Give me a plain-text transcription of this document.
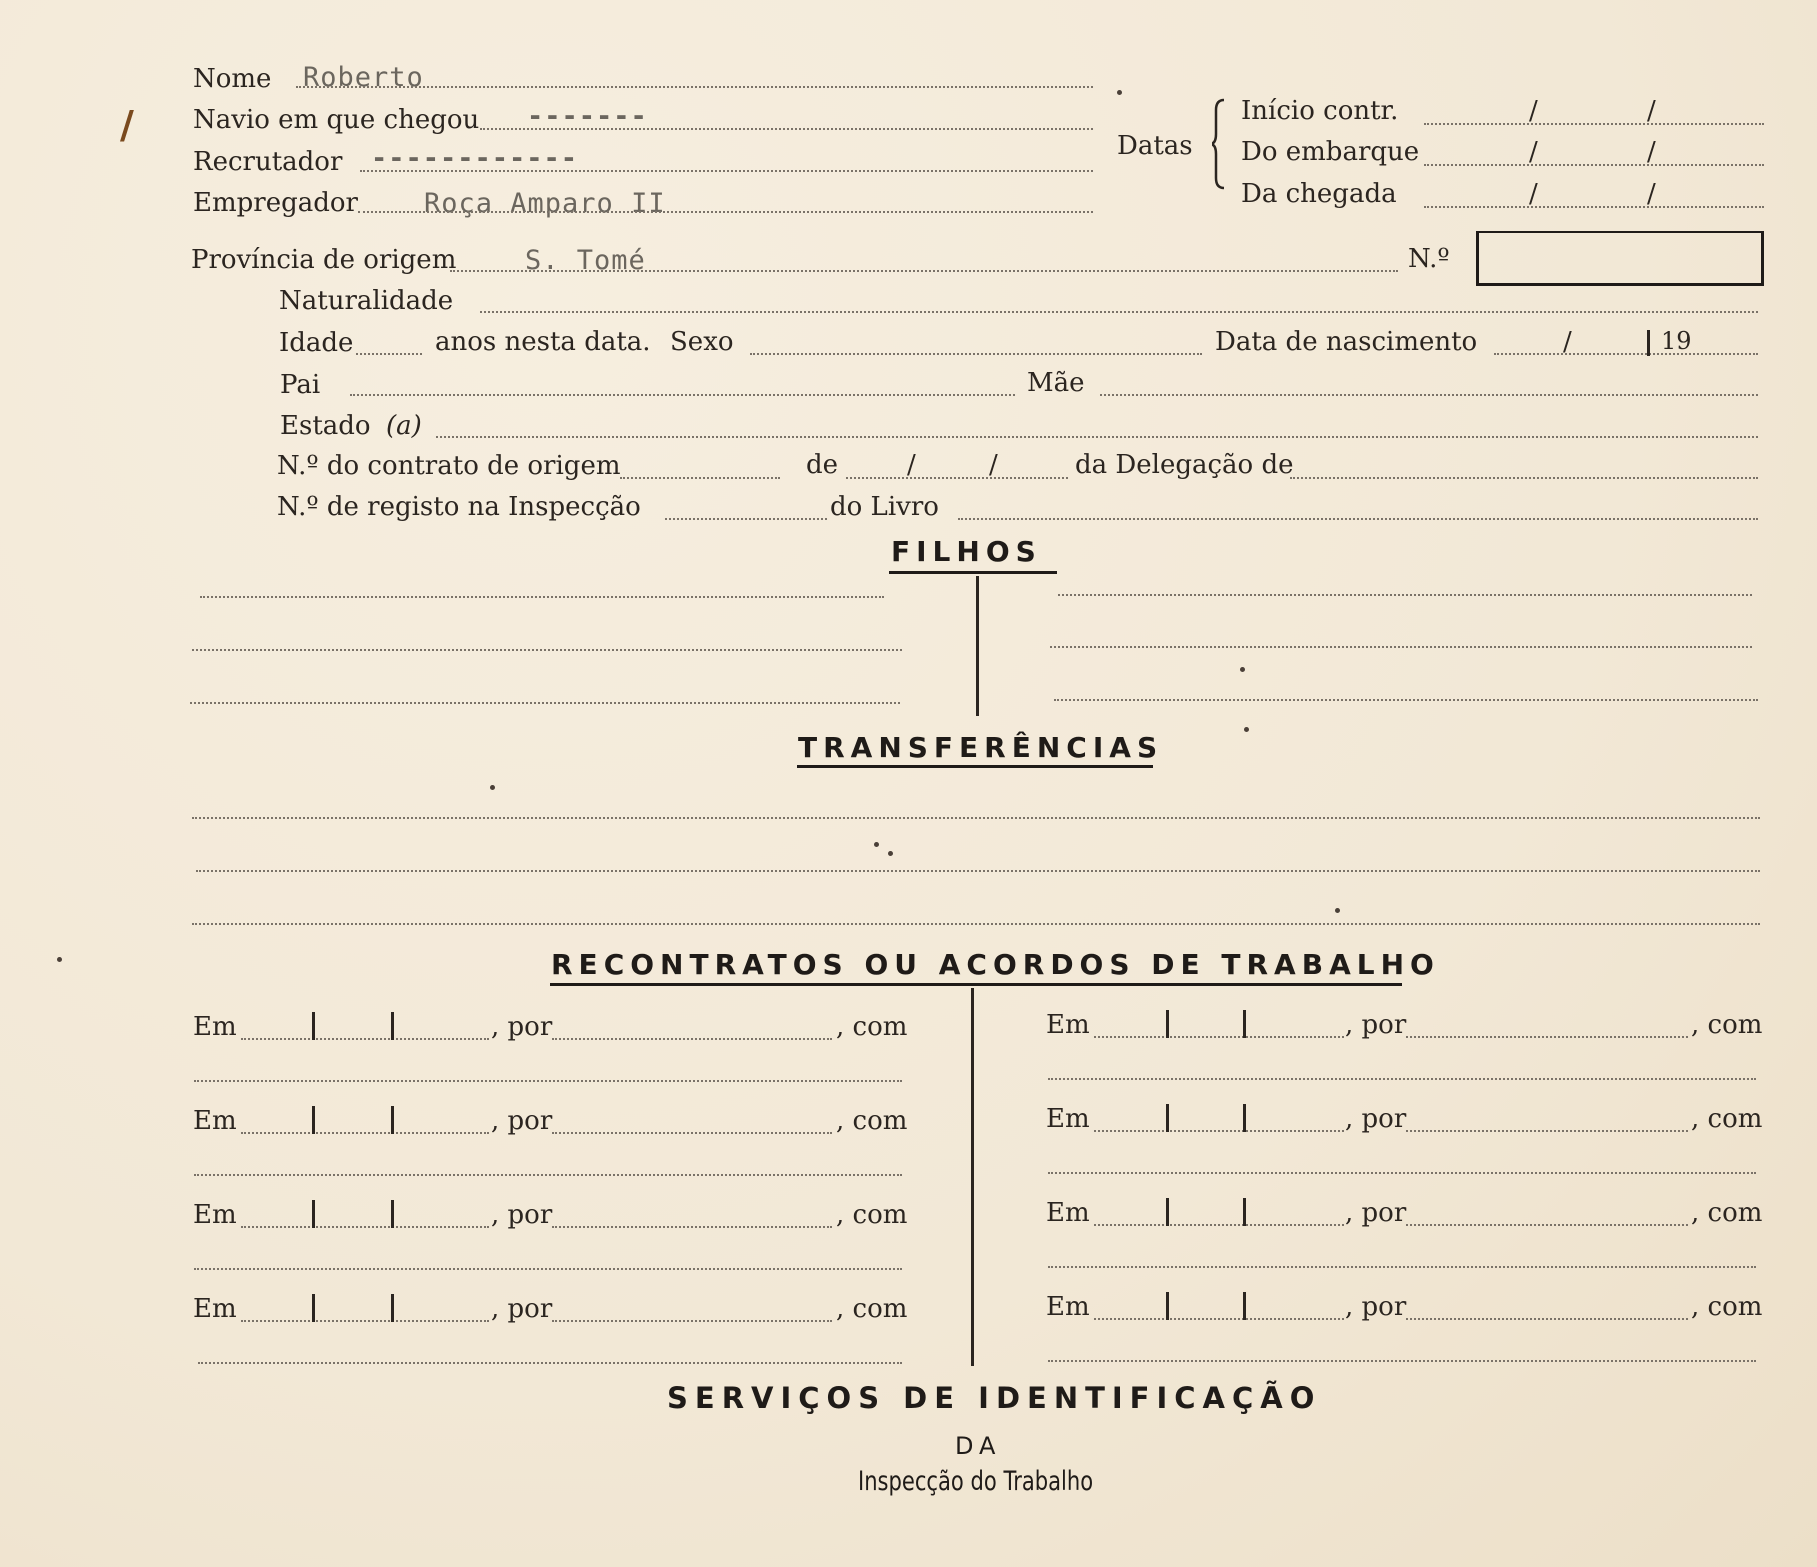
/
Nome Roberto
Navio em que chegou -------
Recrutador ------------
Empregador Roça Amparo II
Datas
Início contr.	/	/
Do embarque	/	/
Da chegada	/	/
Província de origem	S. Tomé	N.º
Naturalidade
Idade	anos nesta data. Sexo	Data de nascimento	/	19
Pai	Mãe
Estado (a)
N.º do contrato de origem	de	/	/	da Delegação de
N.º de registo na Inspecção	do Livro
FILHOS
TRANSFERÊNCIAS
RECONTRATOS OU ACORDOS DE TRABALHO
Em	, por	, com
Em	, por	, com
Em	, por	, com
Em	, por	, com
Em	, por	, com
Em	, por	, com
Em	, por	, com
Em	, por	, com
SERVIÇOS DE IDENTIFICAÇÃO
DA
Inspecção do Trabalho
